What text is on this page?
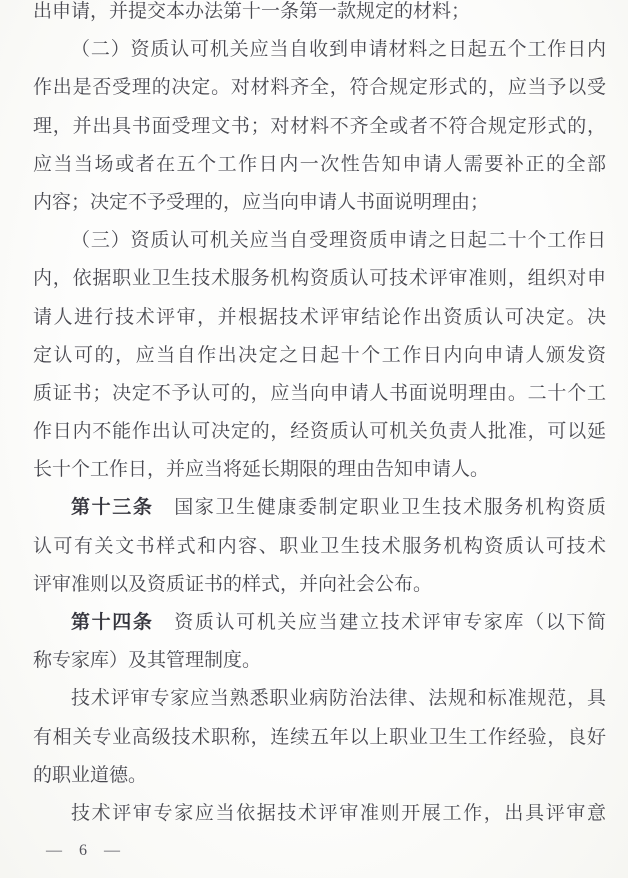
出申请，并提交本办法第十一条第一款规定的材料；
（二）资质认可机关应当自收到申请材料之日起五个工作日内
作出是否受理的决定。对材料齐全，符合规定形式的，应当予以受
理，并出具书面受理文书；对材料不齐全或者不符合规定形式的，
应当当场或者在五个工作日内一次性告知申请人需要补正的全部
内容；决定不予受理的，应当向申请人书面说明理由；
（三）资质认可机关应当自受理资质申请之日起二十个工作日
内，依据职业卫生技术服务机构资质认可技术评审准则，组织对申
请人进行技术评审，并根据技术评审结论作出资质认可决定。决
定认可的，应当自作出决定之日起十个工作日内向申请人颁发资
质证书；决定不予认可的，应当向申请人书面说明理由。二十个工
作日内不能作出认可决定的，经资质认可机关负责人批准，可以延
长十个工作日，并应当将延长期限的理由告知申请人。
第十三条　国家卫生健康委制定职业卫生技术服务机构资质
认可有关文书样式和内容、职业卫生技术服务机构资质认可技术
评审准则以及资质证书的样式，并向社会公布。
第十四条　资质认可机关应当建立技术评审专家库（以下简
称专家库）及其管理制度。
技术评审专家应当熟悉职业病防治法律、法规和标准规范，具
有相关专业高级技术职称，连续五年以上职业卫生工作经验，良好
的职业道德。
技术评审专家应当依据技术评审准则开展工作，出具评审意
— 6 —
